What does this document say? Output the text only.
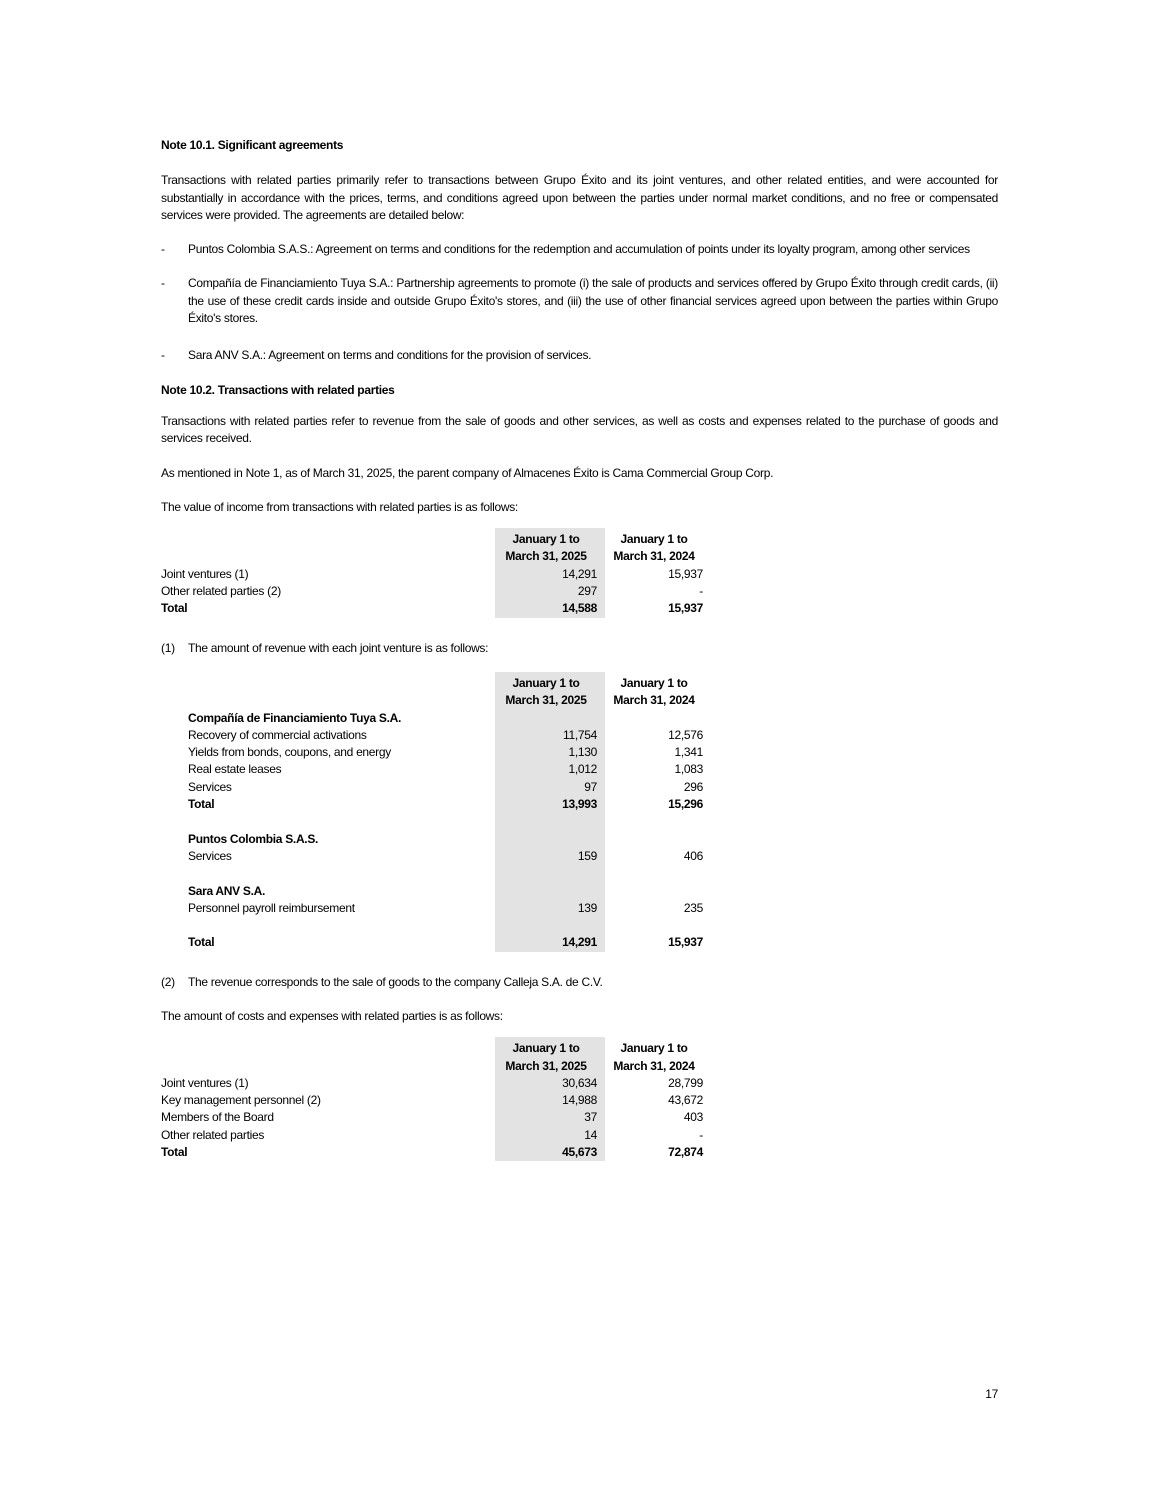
Note 10.1. Significant agreements

Transactions with related parties primarily refer to transactions between Grupo Éxito and its joint ventures, and other related entities, and were accounted for substantially in accordance with the prices, terms, and conditions agreed upon between the parties under normal market conditions, and no free or compensated services were provided. The agreements are detailed below:

-	Puntos Colombia S.A.S.: Agreement on terms and conditions for the redemption and accumulation of points under its loyalty program, among other services
-	Compañía de Financiamiento Tuya S.A.: Partnership agreements to promote (i) the sale of products and services offered by Grupo Éxito through credit cards, (ii) the use of these credit cards inside and outside Grupo Éxito's stores, and (iii) the use of other financial services agreed upon between the parties within Grupo Éxito's stores.
-	Sara ANV S.A.: Agreement on terms and conditions for the provision of services.
Note 10.2. Transactions with related parties

Transactions with related parties refer to revenue from the sale of goods and other services, as well as costs and expenses related to the purchase of goods and services received.

As mentioned in Note 1, as of March 31, 2025, the parent company of Almacenes Éxito is Cama Commercial Group Corp.

The value of income from transactions with related parties is as follows:

January 1 to
March 31, 2025
January 1 to
March 31, 2024
Joint ventures (1)	14,291	15,937
Other related parties (2)	297	-
Total	14,588	15,937
(1)	The amount of revenue with each joint venture is as follows:
January 1 to
March 31, 2025
January 1 to
March 31, 2024
Compañía de Financiamiento Tuya S.A.
Recovery of commercial activations	11,754	12,576
Yields from bonds, coupons, and energy	1,130	1,341
Real estate leases	1,012	1,083
Services	97	296
Total	13,993	15,296
Puntos Colombia S.A.S.
Services	159	406
Sara ANV S.A.
Personnel payroll reimbursement	139	235
Total	14,291	15,937
(2)	The revenue corresponds to the sale of goods to the company Calleja S.A. de C.V.

The amount of costs and expenses with related parties is as follows:

January 1 to
March 31, 2025
January 1 to
March 31, 2024
Joint ventures (1)	30,634	28,799
Key management personnel (2)	14,988	43,672
Members of the Board	37	403
Other related parties	14	-
Total	45,673	72,874
17
